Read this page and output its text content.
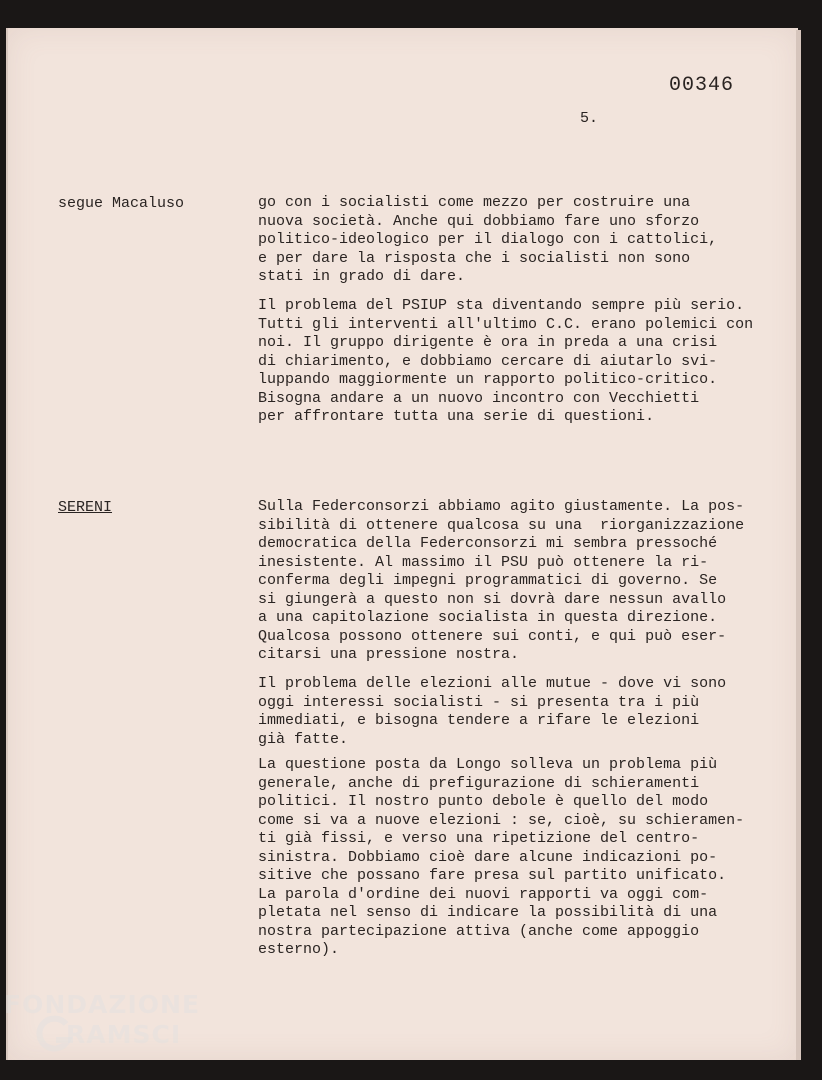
00346
5.
segue Macaluso	go con i socialisti come mezzo per costruire una
nuova società. Anche qui dobbiamo fare uno sforzo
politico-ideologico per il dialogo con i cattolici,
e per dare la risposta che i socialisti non sono
stati in grado di dare.
Il problema del PSIUP sta diventando sempre più serio.
Tutti gli interventi all'ultimo C.C. erano polemici con
noi. Il gruppo dirigente è ora in preda a una crisi
di chiarimento, e dobbiamo cercare di aiutarlo svi-
luppando maggiormente un rapporto politico-critico.
Bisogna andare a un nuovo incontro con Vecchietti
per affrontare tutta una serie di questioni.
SERENI	Sulla Federconsorzi abbiamo agito giustamente. La pos-
sibilità di ottenere qualcosa su una  riorganizzazione
democratica della Federconsorzi mi sembra pressoché
inesistente. Al massimo il PSU può ottenere la ri-
conferma degli impegni programmatici di governo. Se
si giungerà a questo non si dovrà dare nessun avallo
a una capitolazione socialista in questa direzione.
Qualcosa possono ottenere sui conti, e qui può eser-
citarsi una pressione nostra.
Il problema delle elezioni alle mutue - dove vi sono
oggi interessi socialisti - si presenta tra i più
immediati, e bisogna tendere a rifare le elezioni
già fatte.
La questione posta da Longo solleva un problema più
generale, anche di prefigurazione di schieramenti
politici. Il nostro punto debole è quello del modo
come si va a nuove elezioni : se, cioè, su schieramen-
ti già fissi, e verso una ripetizione del centro-
sinistra. Dobbiamo cioè dare alcune indicazioni po-
sitive che possano fare presa sul partito unificato.
La parola d'ordine dei nuovi rapporti va oggi com-
pletata nel senso di indicare la possibilità di una
nostra partecipazione attiva (anche come appoggio
esterno).
FONDAZIONE
RAMSCI
